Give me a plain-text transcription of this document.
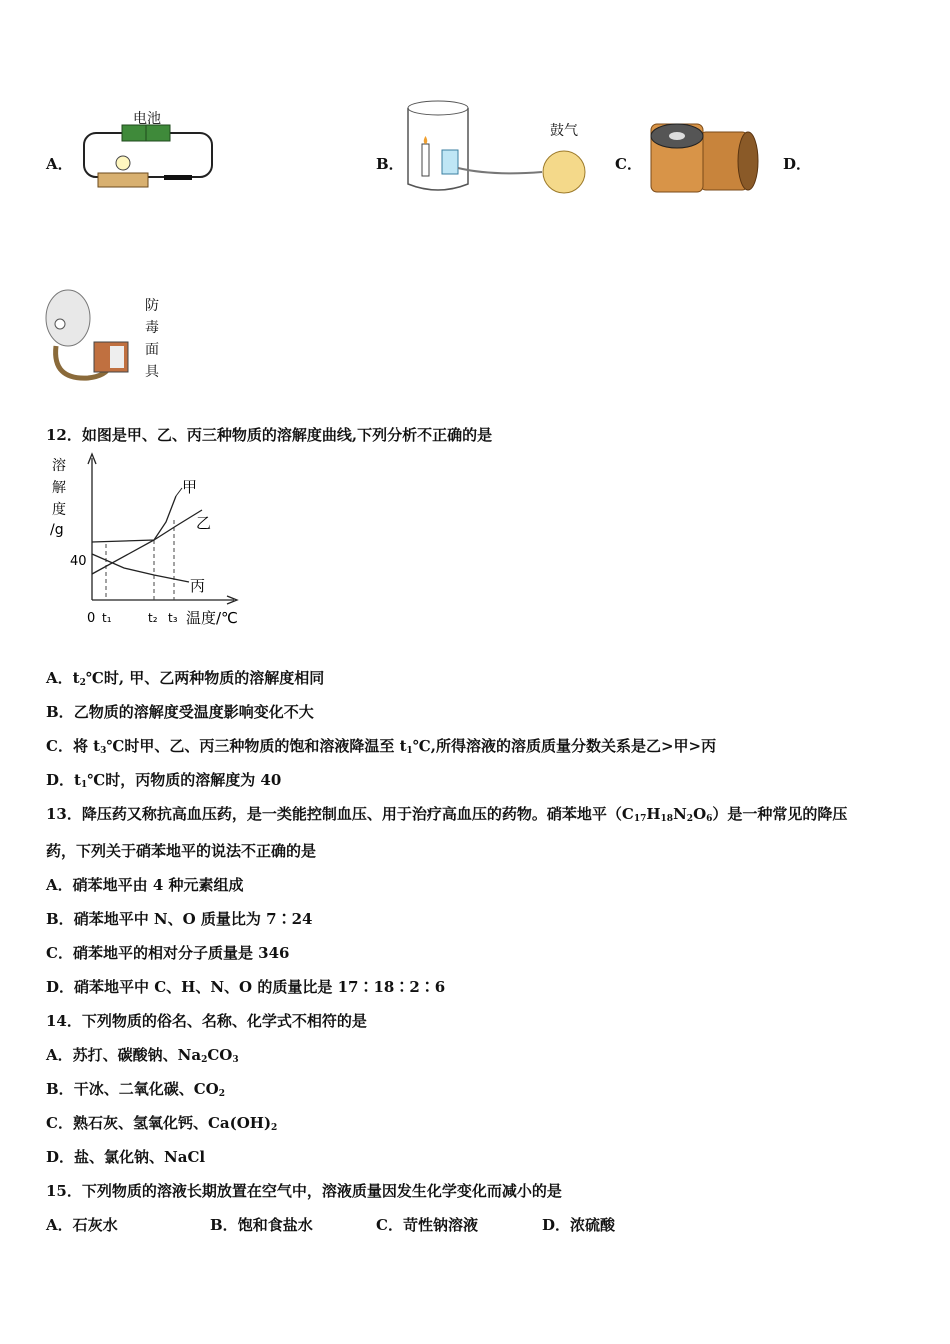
A．
电池
B．
鼓气
C．	D．
防
毒
面
具
12．如图是甲、乙、丙三种物质的溶解度曲线,下列分析不正确的是
甲
乙
丙
溶
解
度
/g
40
0 t₁	t₂ t₃ 温度/℃
A．$t_2℃$时, 甲、乙两种物质的溶解度相同
B．乙物质的溶解度受温度影响变化不大
C．将 $t_3℃$时甲、乙、丙三种物质的饱和溶液降温至 $t_1℃$,所得溶液的溶质质量分数关系是乙>甲>丙
D．$t_1℃$时，丙物质的溶解度为 40
13．降压药又称抗高血压药，是一类能控制血压、用于治疗高血压的药物。硝苯地平$(C_{17}H_{18}N_2O_6)$是一种常见的降压
药，下列关于硝苯地平的说法不正确的是
A．硝苯地平由 4 种元素组成
B．硝苯地平中 N、O 质量比为 7∶24
C．硝苯地平的相对分子质量是 346
D．硝苯地平中 C、H、N、O 的质量比是 17∶18∶2∶6
14．下列物质的俗名、名称、化学式不相符的是
A．苏打、碳酸钠、$Na_2CO_3$
B．干冰、二氧化碳、$CO_2$
C．熟石灰、氢氧化钙、$Ca(OH)_2$
D．盐、氯化钠、NaCl
15．下列物质的溶液长期放置在空气中，溶液质量因发生化学变化而减小的是
A．石灰水	B．饱和食盐水	C．苛性钠溶液	D．浓硫酸
